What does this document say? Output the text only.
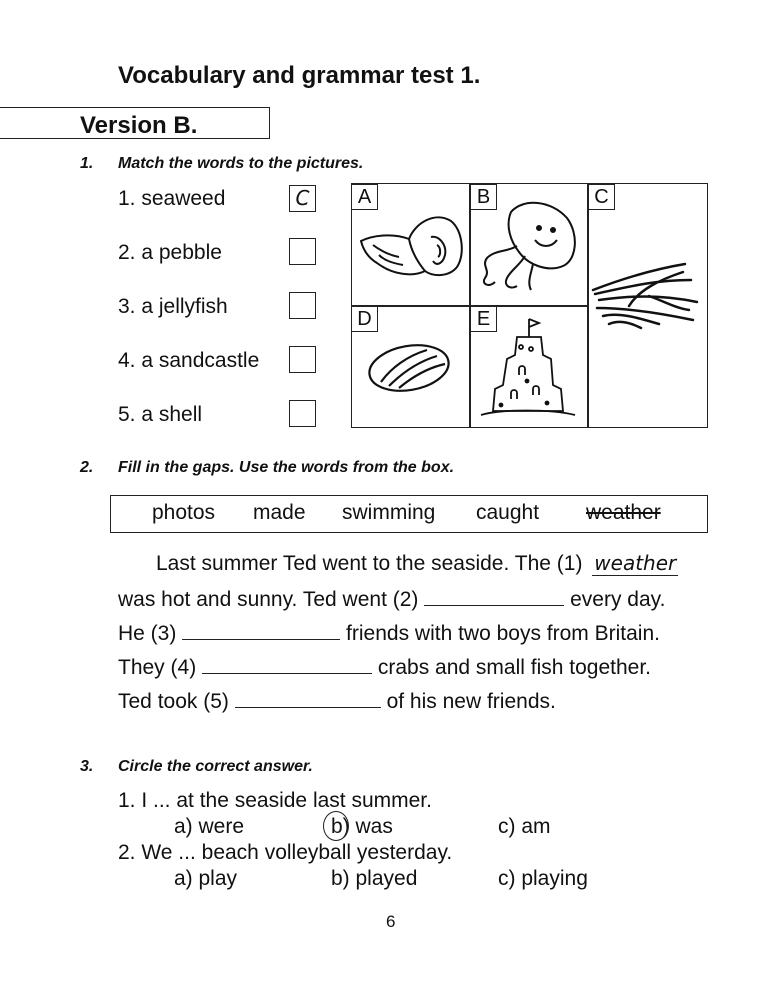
Vocabulary and grammar test 1.
Version B.
1. Match the words to the pictures.
1. seaweed
2. a pebble
3. a jellyfish
4. a sandcastle
5. a shell
C	A	B	C
D	E
2. Fill in the gaps. Use the words from the box.
photos made swimming caught weather
Last summer Ted went to the seaside. The (1) weather
was hot and sunny. Ted went (2)	every day.
He (3)	friends with two boys from Britain.
They (4)	crabs and small fish together.
Ted took (5)	of his new friends.
3. Circle the correct answer.
1. I ... at the seaside last summer.
a) were	b) was	c) am
2. We ... beach volleyball yesterday.
a) play	b) played	c) playing
6
